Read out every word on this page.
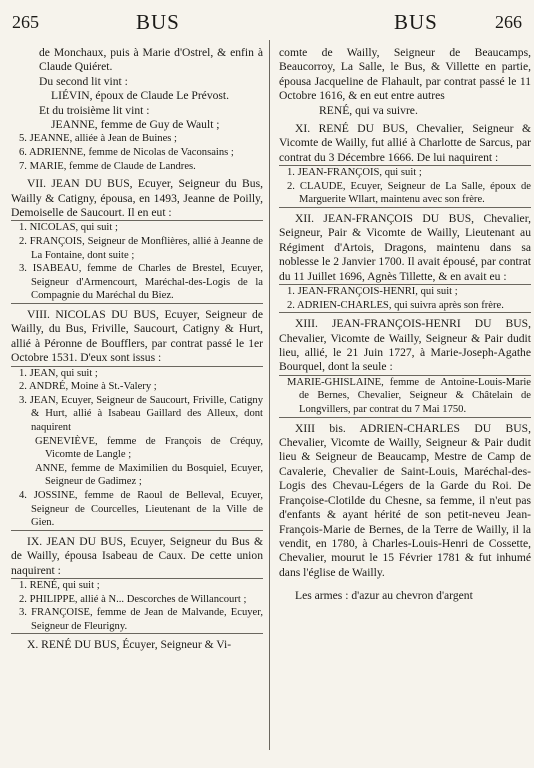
265	BUS	BUS	266
de Monchaux, puis à Marie d'Ostrel, & enfin à Claude Quiéret.
Du second lit vint :
LIÉVIN, époux de Claude Le Prévost.
Et du troisième lit vint :
JEANNE, femme de Guy de Wault ;
5. JEANNE, alliée à Jean de Buines ;
6. ADRIENNE, femme de Nicolas de Vaconsains ;
7. MARIE, femme de Claude de Landres.
VII. JEAN DU BUS, Ecuyer, Seigneur du Bus, Wailly & Catigny, épousa, en 1493, Jeanne de Poilly, Demoiselle de Saucourt. Il en eut :
1. NICOLAS, qui suit ;
2. FRANÇOIS, Seigneur de Monflières, allié à Jeanne de La Fontaine, dont suite ;
3. ISABEAU, femme de Charles de Brestel, Ecuyer, Seigneur d'Armencourt, Maréchal-des-Logis de la Compagnie du Maréchal du Biez.
VIII. NICOLAS DU BUS, Ecuyer, Seigneur de Wailly, du Bus, Friville, Saucourt, Catigny & Hurt, allié à Péronne de Boufflers, par contrat passé le 1er Octobre 1531. D'eux sont issus :
1. JEAN, qui suit ;
2. ANDRÉ, Moine à St.-Valery ;
3. JEAN, Ecuyer, Seigneur de Saucourt, Friville, Catigny & Hurt, allié à Isabeau Gaillard des Alleux, dont naquirent
GENEVIÈVE, femme de François de Créquy, Vicomte de Langle ;
ANNE, femme de Maximilien du Bosquiel, Ecuyer, Seigneur de Gadimez ;
4. JOSSINE, femme de Raoul de Belleval, Ecuyer, Seigneur de Courcelles, Lieutenant de la Ville de Gien.
IX. JEAN DU BUS, Ecuyer, Seigneur du Bus & de Wailly, épousa Isabeau de Caux. De cette union naquirent :
1. RENÉ, qui suit ;
2. PHILIPPE, allié à N... Descorches de Willancourt ;
3. FRANÇOISE, femme de Jean de Malvande, Ecuyer, Seigneur de Fleurigny.
X. RENÉ DU BUS, Écuyer, Seigneur & Vi-
comte de Wailly, Seigneur de Beaucamps, Beaucorroy, La Salle, le Bus, & Villette en partie, épousa Jacqueline de Flahault, par contrat passé le 11 Octobre 1616, & en eut entre autres
RENÉ, qui va suivre.
XI. RENÉ DU BUS, Chevalier, Seigneur & Vicomte de Wailly, fut allié à Charlotte de Sarcus, par contrat du 3 Décembre 1666. De lui naquirent :
1. JEAN-FRANÇOIS, qui suit ;
2. CLAUDE, Ecuyer, Seigneur de La Salle, époux de Marguerite Wllart, maintenu avec son frère.
XII. JEAN-FRANÇOIS DU BUS, Chevalier, Seigneur, Pair & Vicomte de Wailly, Lieutenant au Régiment d'Artois, Dragons, maintenu dans sa noblesse le 2 Janvier 1700. Il avait épousé, par contrat du 11 Juillet 1696, Agnès Tillette, & en avait eu :
1. JEAN-FRANÇOIS-HENRI, qui suit ;
2. ADRIEN-CHARLES, qui suivra après son frère.
XIII. JEAN-FRANÇOIS-HENRI DU BUS, Chevalier, Vicomte de Wailly, Seigneur & Pair dudit lieu, allié, le 21 Juin 1727, à Marie-Joseph-Agathe Bourquel, dont la seule :
MARIE-GHISLAINE, femme de Antoine-Louis-Marie de Bernes, Chevalier, Seigneur & Châtelain de Longvillers, par contrat du 7 Mai 1750.
XIII bis. ADRIEN-CHARLES DU BUS, Chevalier, Vicomte de Wailly, Seigneur & Pair dudit lieu & Seigneur de Beaucamp, Mestre de Camp de Cavalerie, Chevalier de Saint-Louis, Maréchal-des-Logis des Chevau-Légers de la Garde du Roi. De Françoise-Clotilde du Chesne, sa femme, il n'eut pas d'enfants & ayant hérité de son petit-neveu Jean-François-Marie de Bernes, de la Terre de Wailly, il la vendit, en 1780, à Charles-Louis-Henri de Cossette, Chevalier, mourut le 15 Février 1781 & fut inhumé dans l'église de Wailly.
Les armes : d'azur au chevron d'argent
